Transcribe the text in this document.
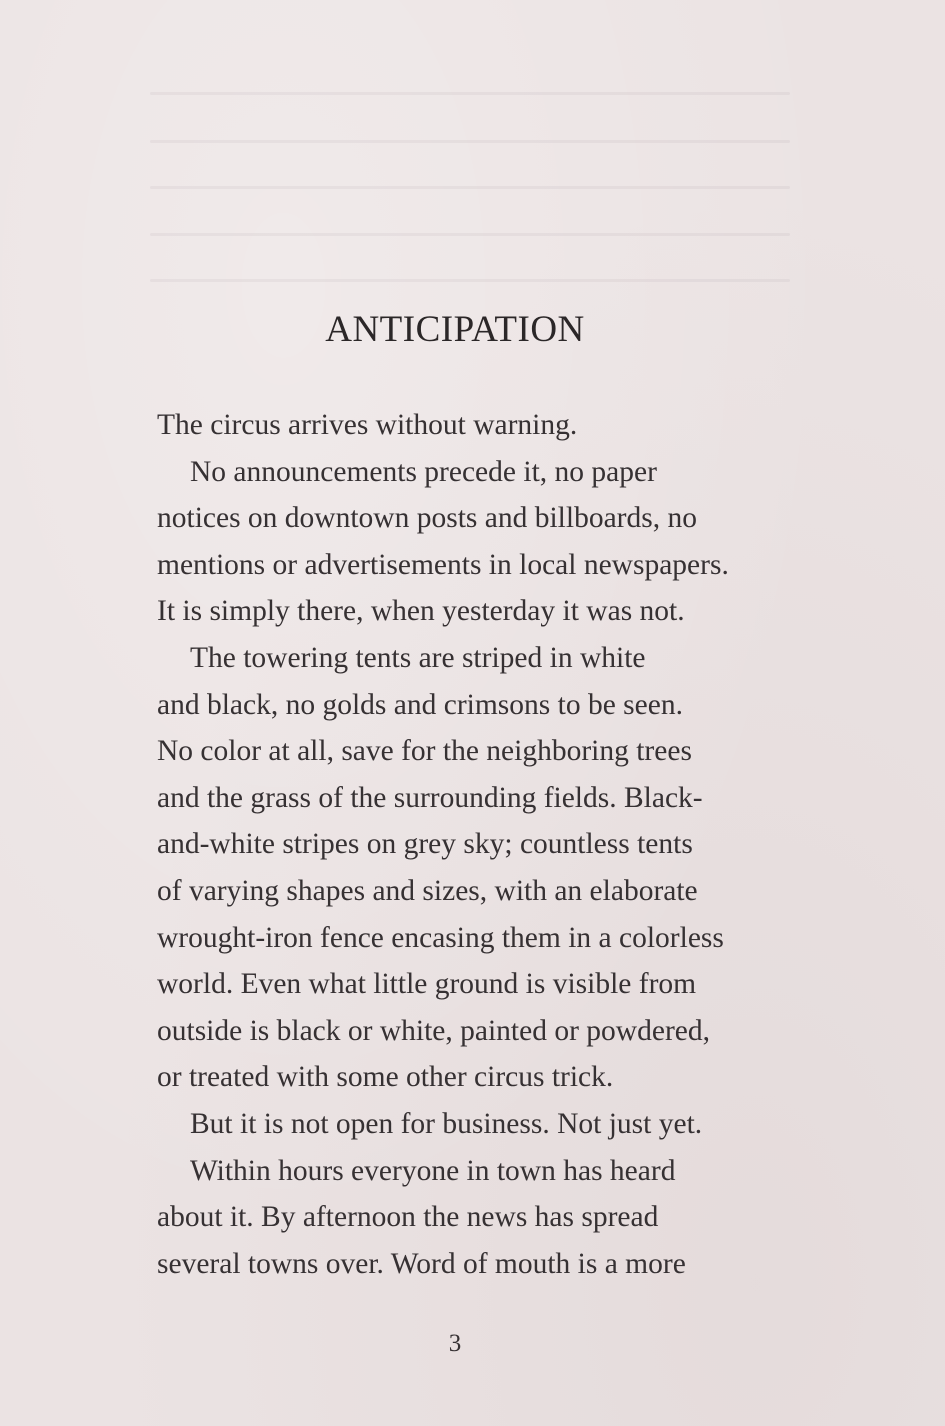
ANTICIPATION
The circus arrives without warning.
No announcements precede it, no paper
notices on downtown posts and billboards, no
mentions or advertisements in local newspapers.
It is simply there, when yesterday it was not.
The towering tents are striped in white
and black, no golds and crimsons to be seen.
No color at all, save for the neighboring trees
and the grass of the surrounding fields. Black-
and-white stripes on grey sky; countless tents
of varying shapes and sizes, with an elaborate
wrought-iron fence encasing them in a colorless
world. Even what little ground is visible from
outside is black or white, painted or powdered,
or treated with some other circus trick.
But it is not open for business. Not just yet.
Within hours everyone in town has heard
about it. By afternoon the news has spread
several towns over. Word of mouth is a more
3
